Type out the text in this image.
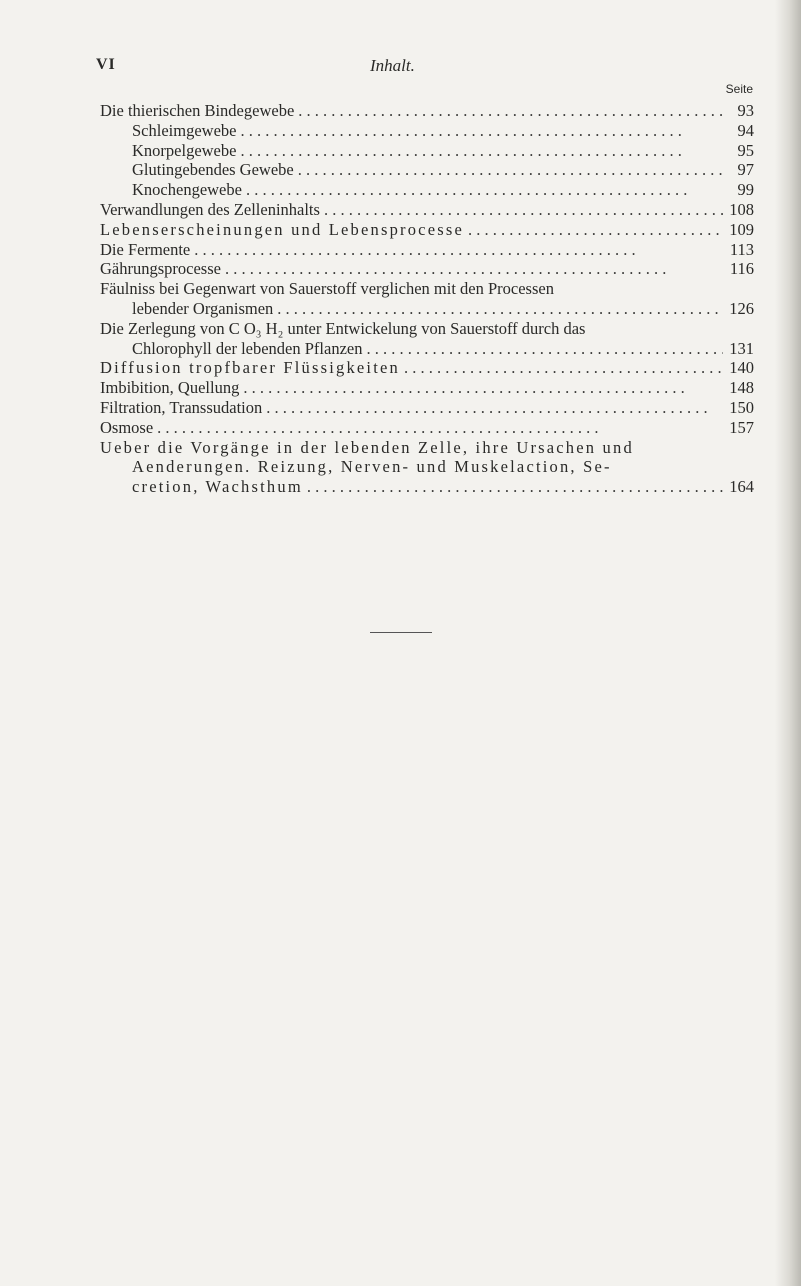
VI	Inhalt.
Seite
Die thierischen Bindegewebe . . .	93
Schleimgewebe . . .	94
Knorpelgewebe . . .	95
Glutingebendes Gewebe . . .	97
Knochengewebe . . .	99
Verwandlungen des Zelleninhalts . . .	108
Lebenserscheinungen und Lebensprocesse . . .	109
Die Fermente . . .	113
Gährungsprocesse . . .	116
Fäulniss bei Gegenwart von Sauerstoff verglichen mit den Processen
lebender Organismen . . .	126
Die Zerlegung von C O₃ H₂ unter Entwickelung von Sauerstoff durch das
Chlorophyll der lebenden Pflanzen . . .	131
Diffusion tropfbarer Flüssigkeiten . . .	140
Imbibition, Quellung . . .	148
Filtration, Transsudation . . .	150
Osmose . . .	157
Ueber die Vorgänge in der lebenden Zelle, ihre Ursachen und
Aenderungen. Reizung, Nerven- und Muskelaction, Se-
cretion, Wachsthum . . .	164
